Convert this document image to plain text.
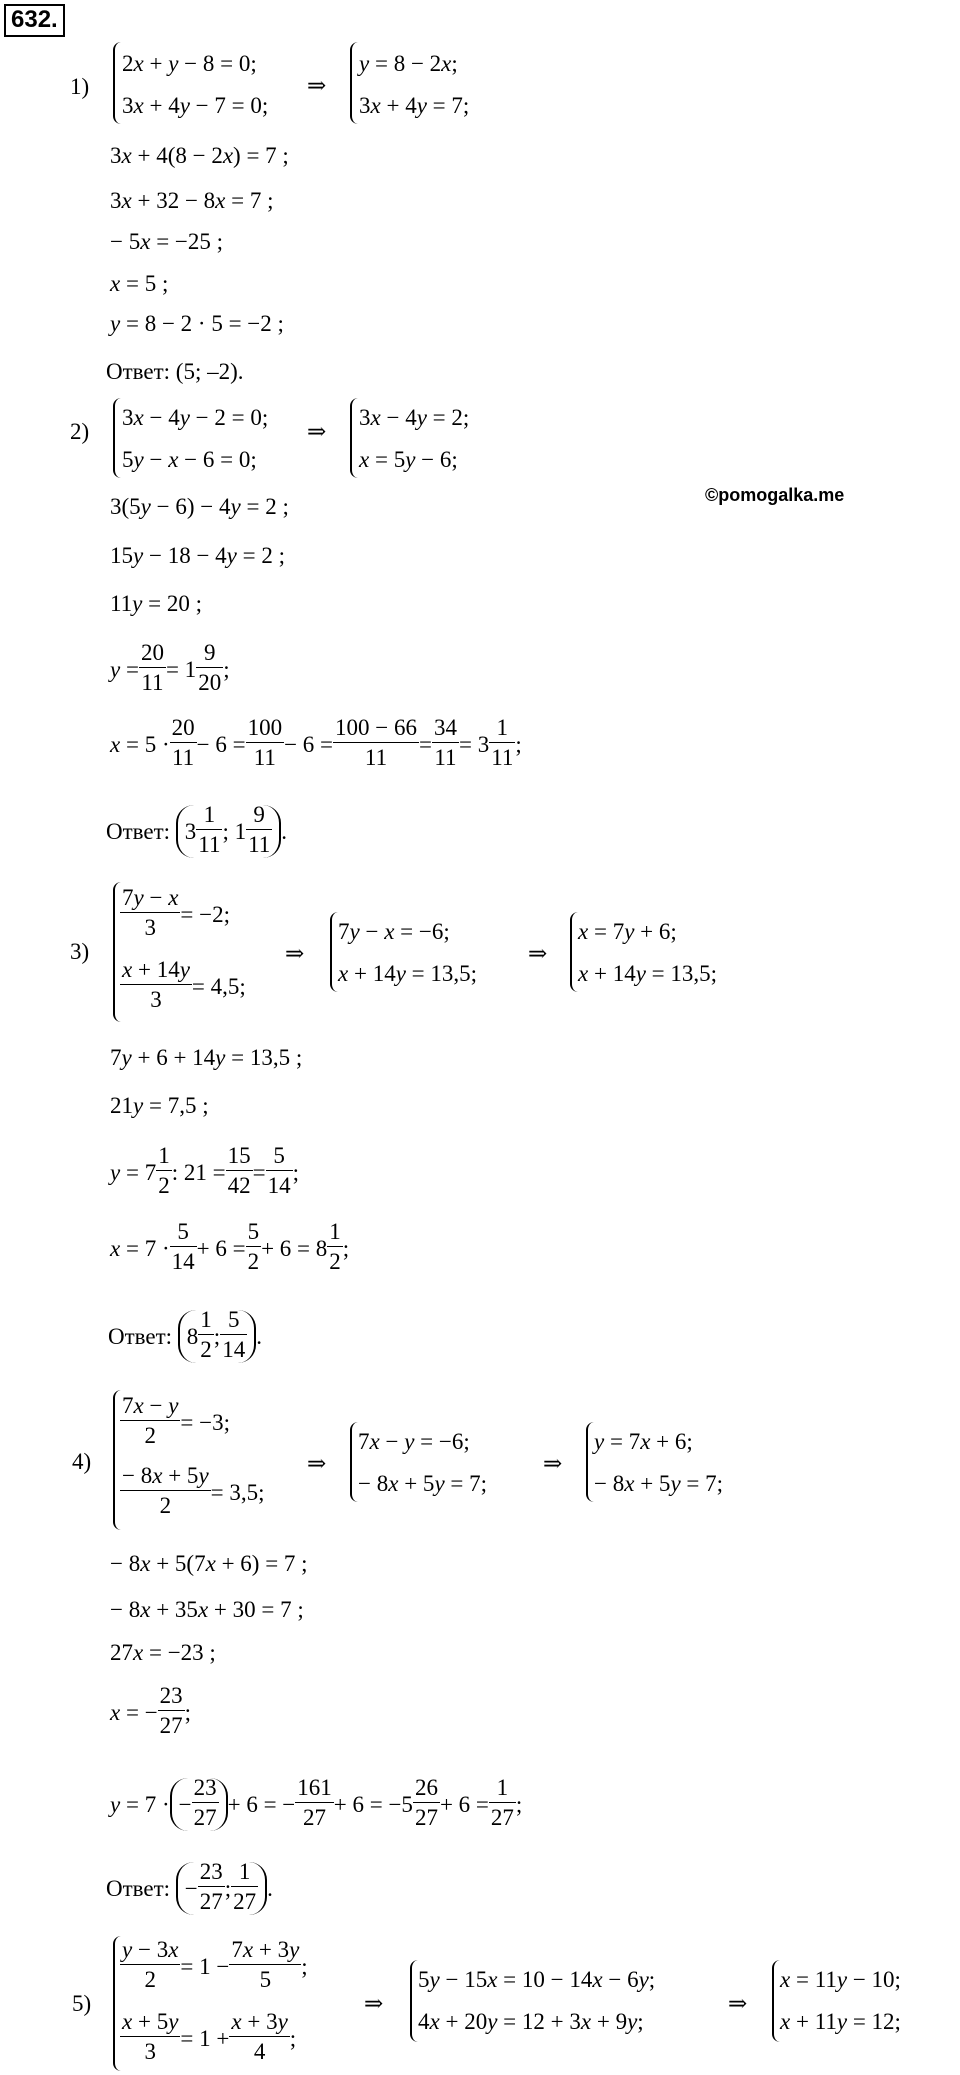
632.
1)
2x + y − 8 = 0;
3x + 4y − 7 = 0;
⇒
y = 8 − 2x;
3x + 4y = 7;
3x + 4(8 − 2x) = 7 ;
3x + 32 − 8x = 7 ;
− 5x = −25 ;
x = 5 ;
y = 8 − 2 · 5 = −2 ;
Ответ: (5; –2).
2)
3x − 4y − 2 = 0;
5y − x − 6 = 0;
⇒
3x − 4y = 2;
x = 5y − 6;
©pomogalka.me
3(5y − 6) − 4y = 2 ;
15y − 18 − 4y = 2 ;
11y = 20 ;
$y = \frac{20}{11} = 1 \frac{9}{20}$ ;
$x = 5 \cdot \frac{20}{11} - 6 = \frac{100}{11} - 6 = \frac{100 - 66}{11} = \frac{34}{11} = 3 \frac{1}{11}$ ;
Ответ: $3 \frac{1}{11}$ ; $1 \frac{9}{11}$ .
3)
$\frac{7y - x}{3} = -2$;
$\frac{x + 14y}{3} = 4,5$;
⇒
7y − x = −6;
x + 14y = 13,5;
⇒
x = 7y + 6;
x + 14y = 13,5;
7y + 6 + 14y = 13,5 ;
21y = 7,5 ;
$y = 7 \frac{1}{2}$ : $21 = \frac{15}{42} = \frac{5}{14}$ ;
$x = 7 \cdot \frac{5}{14} + 6 = \frac{5}{2} + 6 = 8 \frac{1}{2}$ ;
Ответ: $8 \frac{1}{2}$ ; $\frac{5}{14}$ .
4)
$\frac{7x - y}{2} = -3$;
$\frac{- 8x + 5y}{2} = 3,5$;
⇒
7x − y = −6;
− 8x + 5y = 7;
⇒
y = 7x + 6;
− 8x + 5y = 7;
− 8x + 5(7x + 6) = 7 ;
− 8x + 35x + 30 = 7 ;
27x = −23 ;
x = − $\frac{23}{27}$ ;
$y = 7 \cdot- \frac{23}{27} + 6$ = − $\frac{161}{27} + 6 = -5 \frac{26}{27} + 6 = \frac{1}{27}$ ;
Ответ: − $\frac{23}{27}$ ; $\frac{1}{27}$ .
5)
$\frac{y - 3x}{2} = 1 - \frac{7x + 3y}{5}$ ;
$\frac{x + 5y}{3} = 1 + \frac{x + 3y}{4}$ ;
⇒
5y − 15x = 10 − 14x − 6y;
4x + 20y = 12 + 3x + 9y;
⇒
x = 11y − 10;
x + 11y = 12;
